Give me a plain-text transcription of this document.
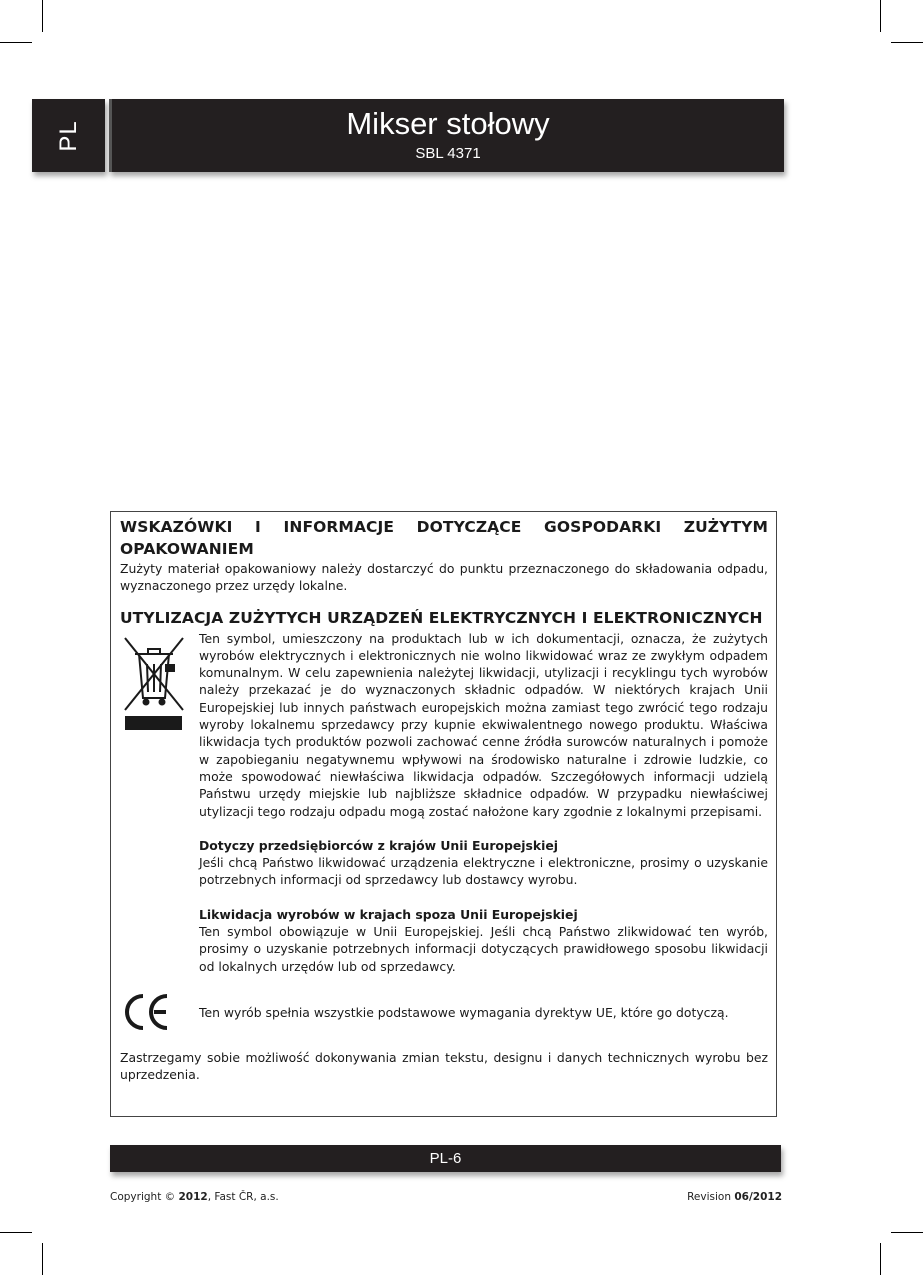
PL	Mikser stołowy
SBL 4371
WSKAZÓWKI I INFORMACJE DOTYCZĄCE GOSPODARKI ZUŻYTYM OPAKOWANIEM

Zużyty materiał opakowaniowy należy dostarczyć do punktu przeznaczonego do składowania odpadu, wyznaczonego przez urzędy lokalne.

UTYLIZACJA ZUŻYTYCH URZĄDZEŃ ELEKTRYCZNYCH I ELEKTRONICZNYCH

Ten symbol, umieszczony na produktach lub w ich dokumentacji, oznacza, że zużytych wyrobów elektrycznych i elektronicznych nie wolno likwidować wraz ze zwykłym odpadem komunalnym. W celu zapewnienia należytej likwidacji, utylizacji i recyklingu tych wyrobów należy przekazać je do wyznaczonych składnic odpadów. W niektórych krajach Unii Europejskiej lub innych państwach europejskich można zamiast tego zwrócić tego rodzaju wyroby lokalnemu sprzedawcy przy kupnie ekwiwalentnego nowego produktu. Właściwa likwidacja tych produktów pozwoli zachować cenne źródła surowców naturalnych i pomoże w zapobieganiu negatywnemu wpływowi na środowisko naturalne i zdrowie ludzkie, co może spowodować niewłaściwa likwidacja odpadów. Szczegółowych informacji udzielą Państwu urzędy miejskie lub najbliższe składnice odpadów. W przypadku niewłaściwej utylizacji tego rodzaju odpadu mogą zostać nałożone kary zgodnie z lokalnymi przepisami.

Dotyczy przedsiębiorców z krajów Unii Europejskiej

Jeśli chcą Państwo likwidować urządzenia elektryczne i elektroniczne, prosimy o uzyskanie potrzebnych informacji od sprzedawcy lub dostawcy wyrobu.

Likwidacja wyrobów w krajach spoza Unii Europejskiej

Ten symbol obowiązuje w Unii Europejskiej. Jeśli chcą Państwo zlikwidować ten wyrób, prosimy o uzyskanie potrzebnych informacji dotyczących prawidłowego sposobu likwidacji od lokalnych urzędów lub od sprzedawcy.

Ten wyrób spełnia wszystkie podstawowe wymagania dyrektyw UE, które go dotyczą.

Zastrzegamy sobie możliwość dokonywania zmian tekstu, designu i danych technicznych wyrobu bez uprzedzenia.

PL-6
Copyright © 2012, Fast ČR, a.s.	Revision 06/2012
